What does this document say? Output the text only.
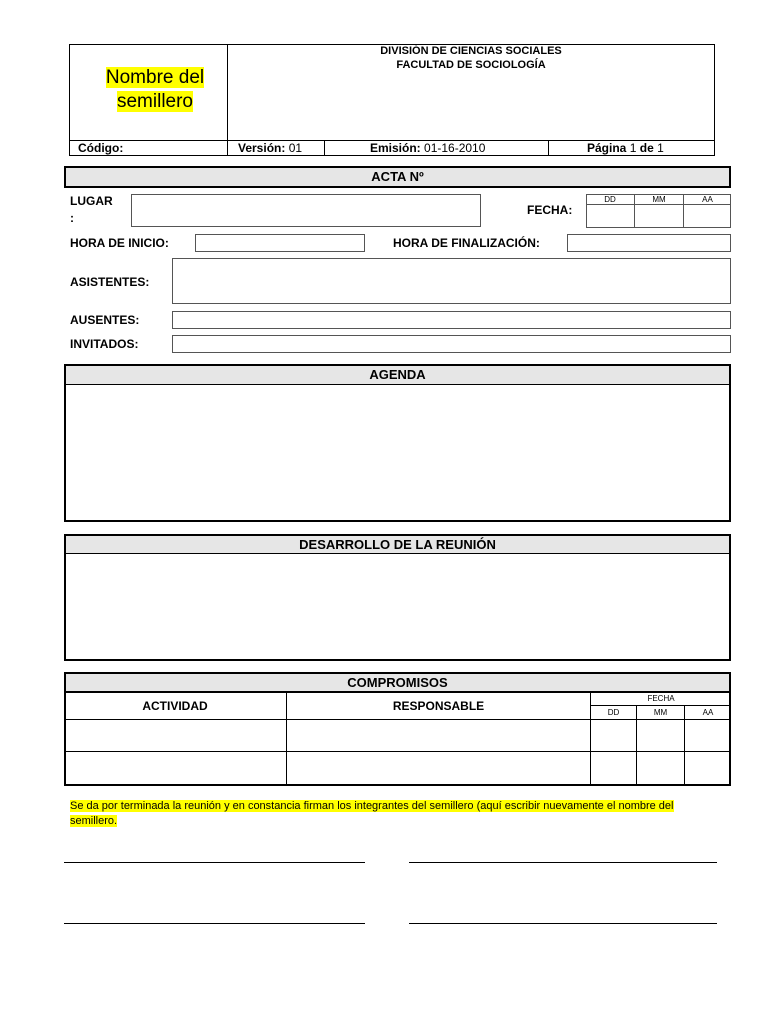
Nombre del semillero
DIVISIÓN DE CIENCIAS SOCIALES
FACULTAD DE SOCIOLOGÍA
Código:	Versión: 01	Emisión: 01-16-2010	Página 1 de 1
ACTA Nº
LUGAR
:
FECHA:
DD	MM	AA
HORA DE INICIO:	HORA DE FINALIZACIÓN:
ASISTENTES:
AUSENTES:
INVITADOS:
AGENDA
DESARROLLO DE LA REUNIÓN
COMPROMISOS
ACTIVIDAD	RESPONSABLE
FECHA
DD	MM	AA
Se da por terminada la reunión y en constancia firman los integrantes del semillero (aquí escribir nuevamente el nombre del semillero.
